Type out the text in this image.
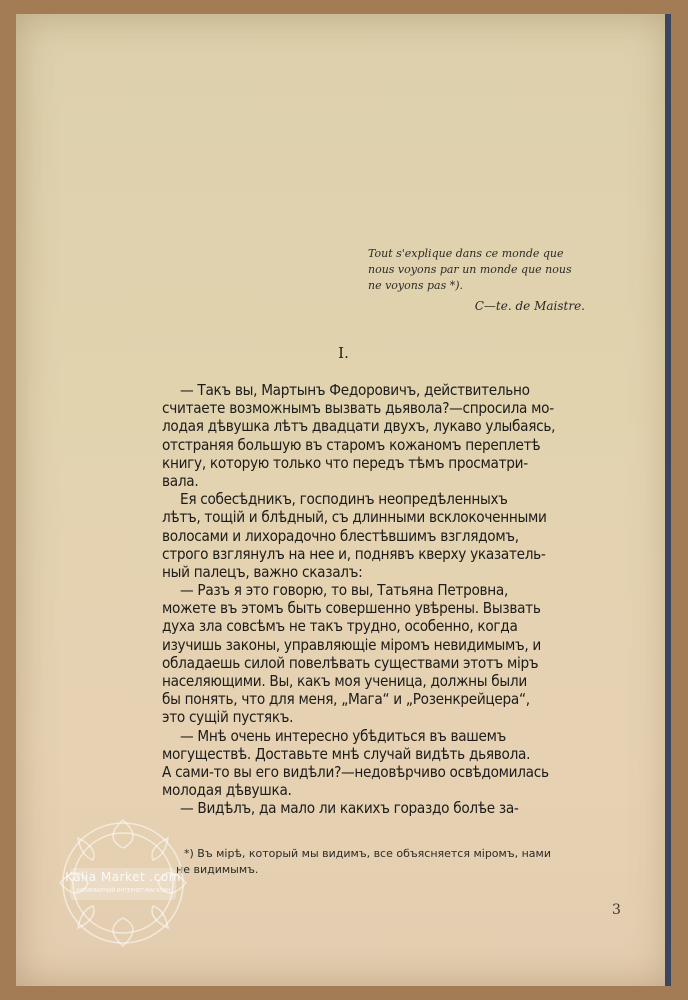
Tout s'explique dans ce monde que
nous voyons par un monde que nous
ne voyons pas *).
C—te. de Maistre.
I.
— Такъ вы, Мартынъ Федоровичъ, действительно
считаете возможнымъ вызвать дьявола?—спросила мо-
лодая дѣвушка лѣтъ двадцати двухъ, лукаво улыбаясь,
отстраняя большую въ старомъ кожаномъ переплетѣ
книгу, которую только что передъ тѣмъ просматри-
вала.
Ея собесѣдникъ, господинъ неопредѣленныхъ
лѣтъ, тощій и блѣдный, съ длинными всклокоченными
волосами и лихорадочно блестѣвшимъ взглядомъ,
строго взглянулъ на нее и, поднявъ кверху указатель-
ный палецъ, важно сказалъ:
— Разъ я это говорю, то вы, Татьяна Петровна,
можете въ этомъ быть совершенно увѣрены. Вызвать
духа зла совсѣмъ не такъ трудно, особенно, когда
изучишь законы, управляющіе міромъ невидимымъ, и
обладаешь силой повелѣвать существами этотъ міръ
населяющими. Вы, какъ моя ученица, должны были
бы понять, что для меня, „Мага“ и „Розенкрейцера“,
это сущій пустякъ.
— Мнѣ очень интересно убѣдиться въ вашемъ
могуществѣ. Доставьте мнѣ случай видѣть дьявола.
А сами-то вы его видѣли?—недовѣрчиво освѣдомилась
молодая дѣвушка.
— Видѣлъ, да мало ли какихъ гораздо болѣе за-
*) Въ мірѣ, который мы видимъ, все объясняется міромъ, нами
не видимымъ.
3
Kalia Market .com
АНТИКВАРНЫЙ ИНТЕРНЕТ-МАГАЗИН
